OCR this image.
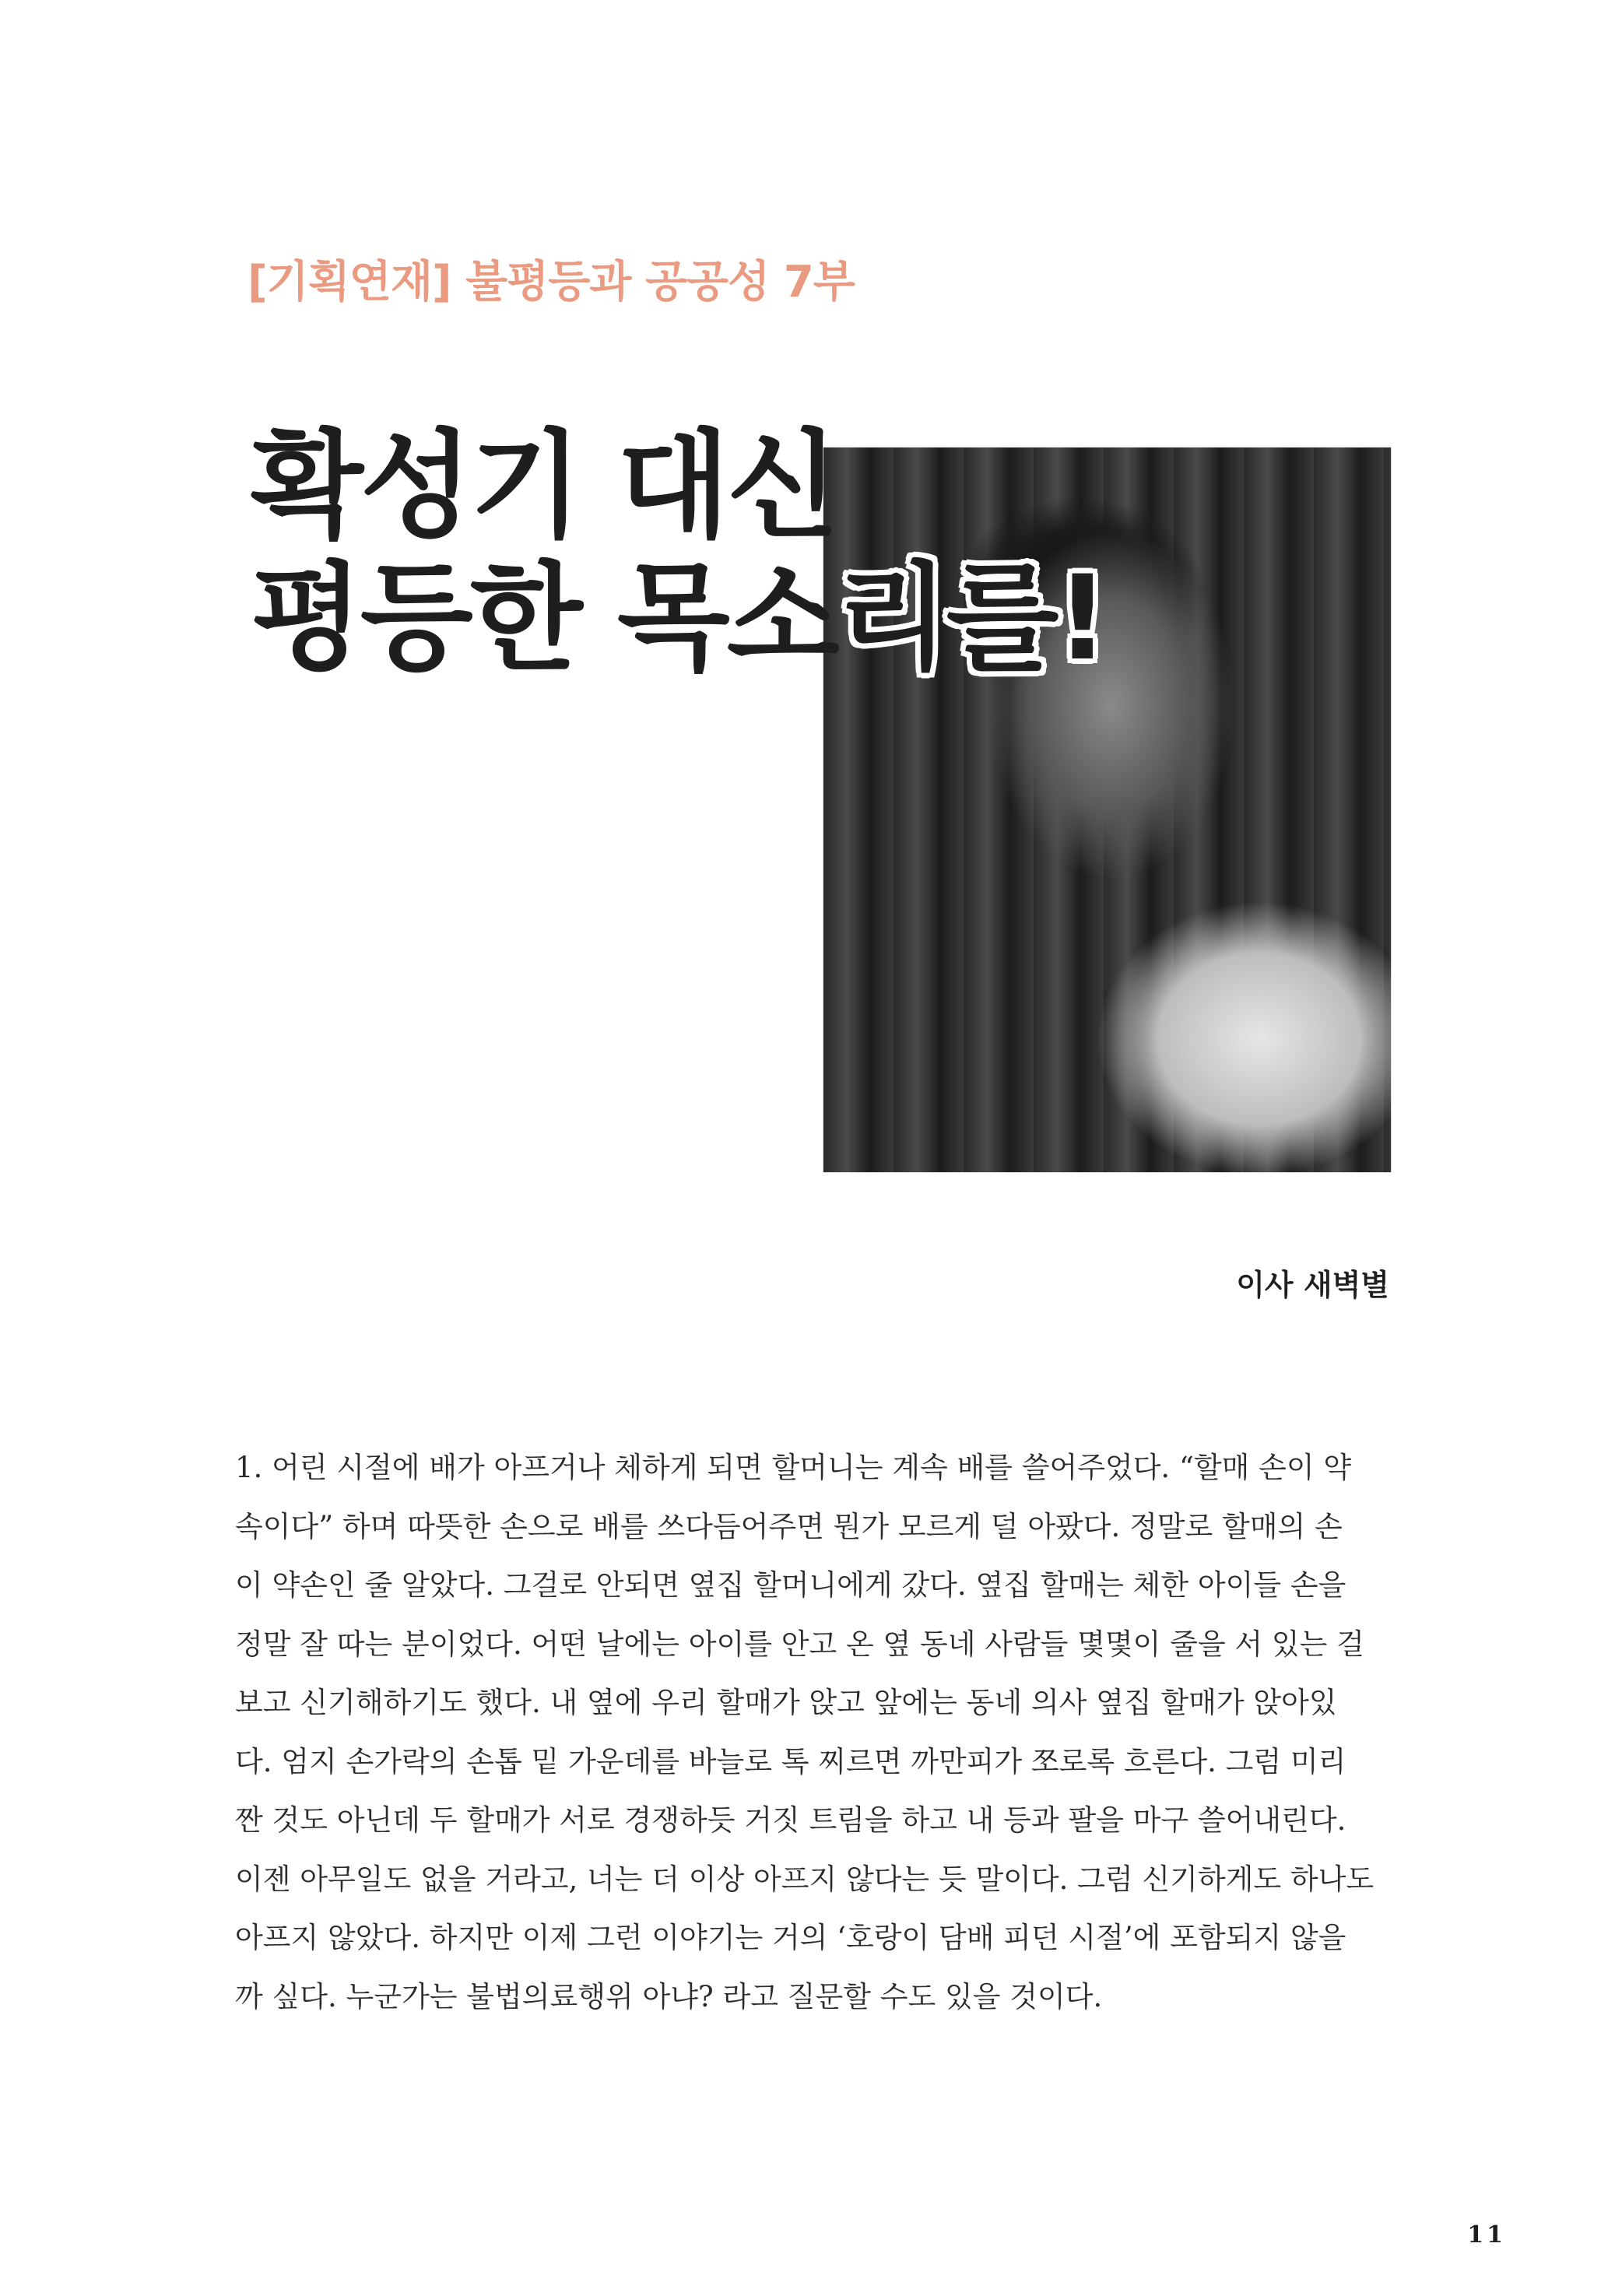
[기획연재] 불평등과 공공성 7부
확성기 대신
평등한 목소리를!
이사 새벽별

1. 어린 시절에 배가 아프거나 체하게 되면 할머니는 계속 배를 쓸어주었다. “할매 손이 약
속이다” 하며 따뜻한 손으로 배를 쓰다듬어주면 뭔가 모르게 덜 아팠다. 정말로 할매의 손
이 약손인 줄 알았다. 그걸로 안되면 옆집 할머니에게 갔다. 옆집 할매는 체한 아이들 손을
정말 잘 따는 분이었다. 어떤 날에는 아이를 안고 온 옆 동네 사람들 몇몇이 줄을 서 있는 걸
보고 신기해하기도 했다. 내 옆에 우리 할매가 앉고 앞에는 동네 의사 옆집 할매가 앉아있
다. 엄지 손가락의 손톱 밑 가운데를 바늘로 톡 찌르면 까만피가 쪼로록 흐른다. 그럼 미리
짠 것도 아닌데 두 할매가 서로 경쟁하듯 거짓 트림을 하고 내 등과 팔을 마구 쓸어내린다.
이젠 아무일도 없을 거라고, 너는 더 이상 아프지 않다는 듯 말이다. 그럼 신기하게도 하나도
아프지 않았다. 하지만 이제 그런 이야기는 거의 ‘호랑이 담배 피던 시절’에 포함되지 않을
까 싶다. 누군가는 불법의료행위 아냐? 라고 질문할 수도 있을 것이다.

11
